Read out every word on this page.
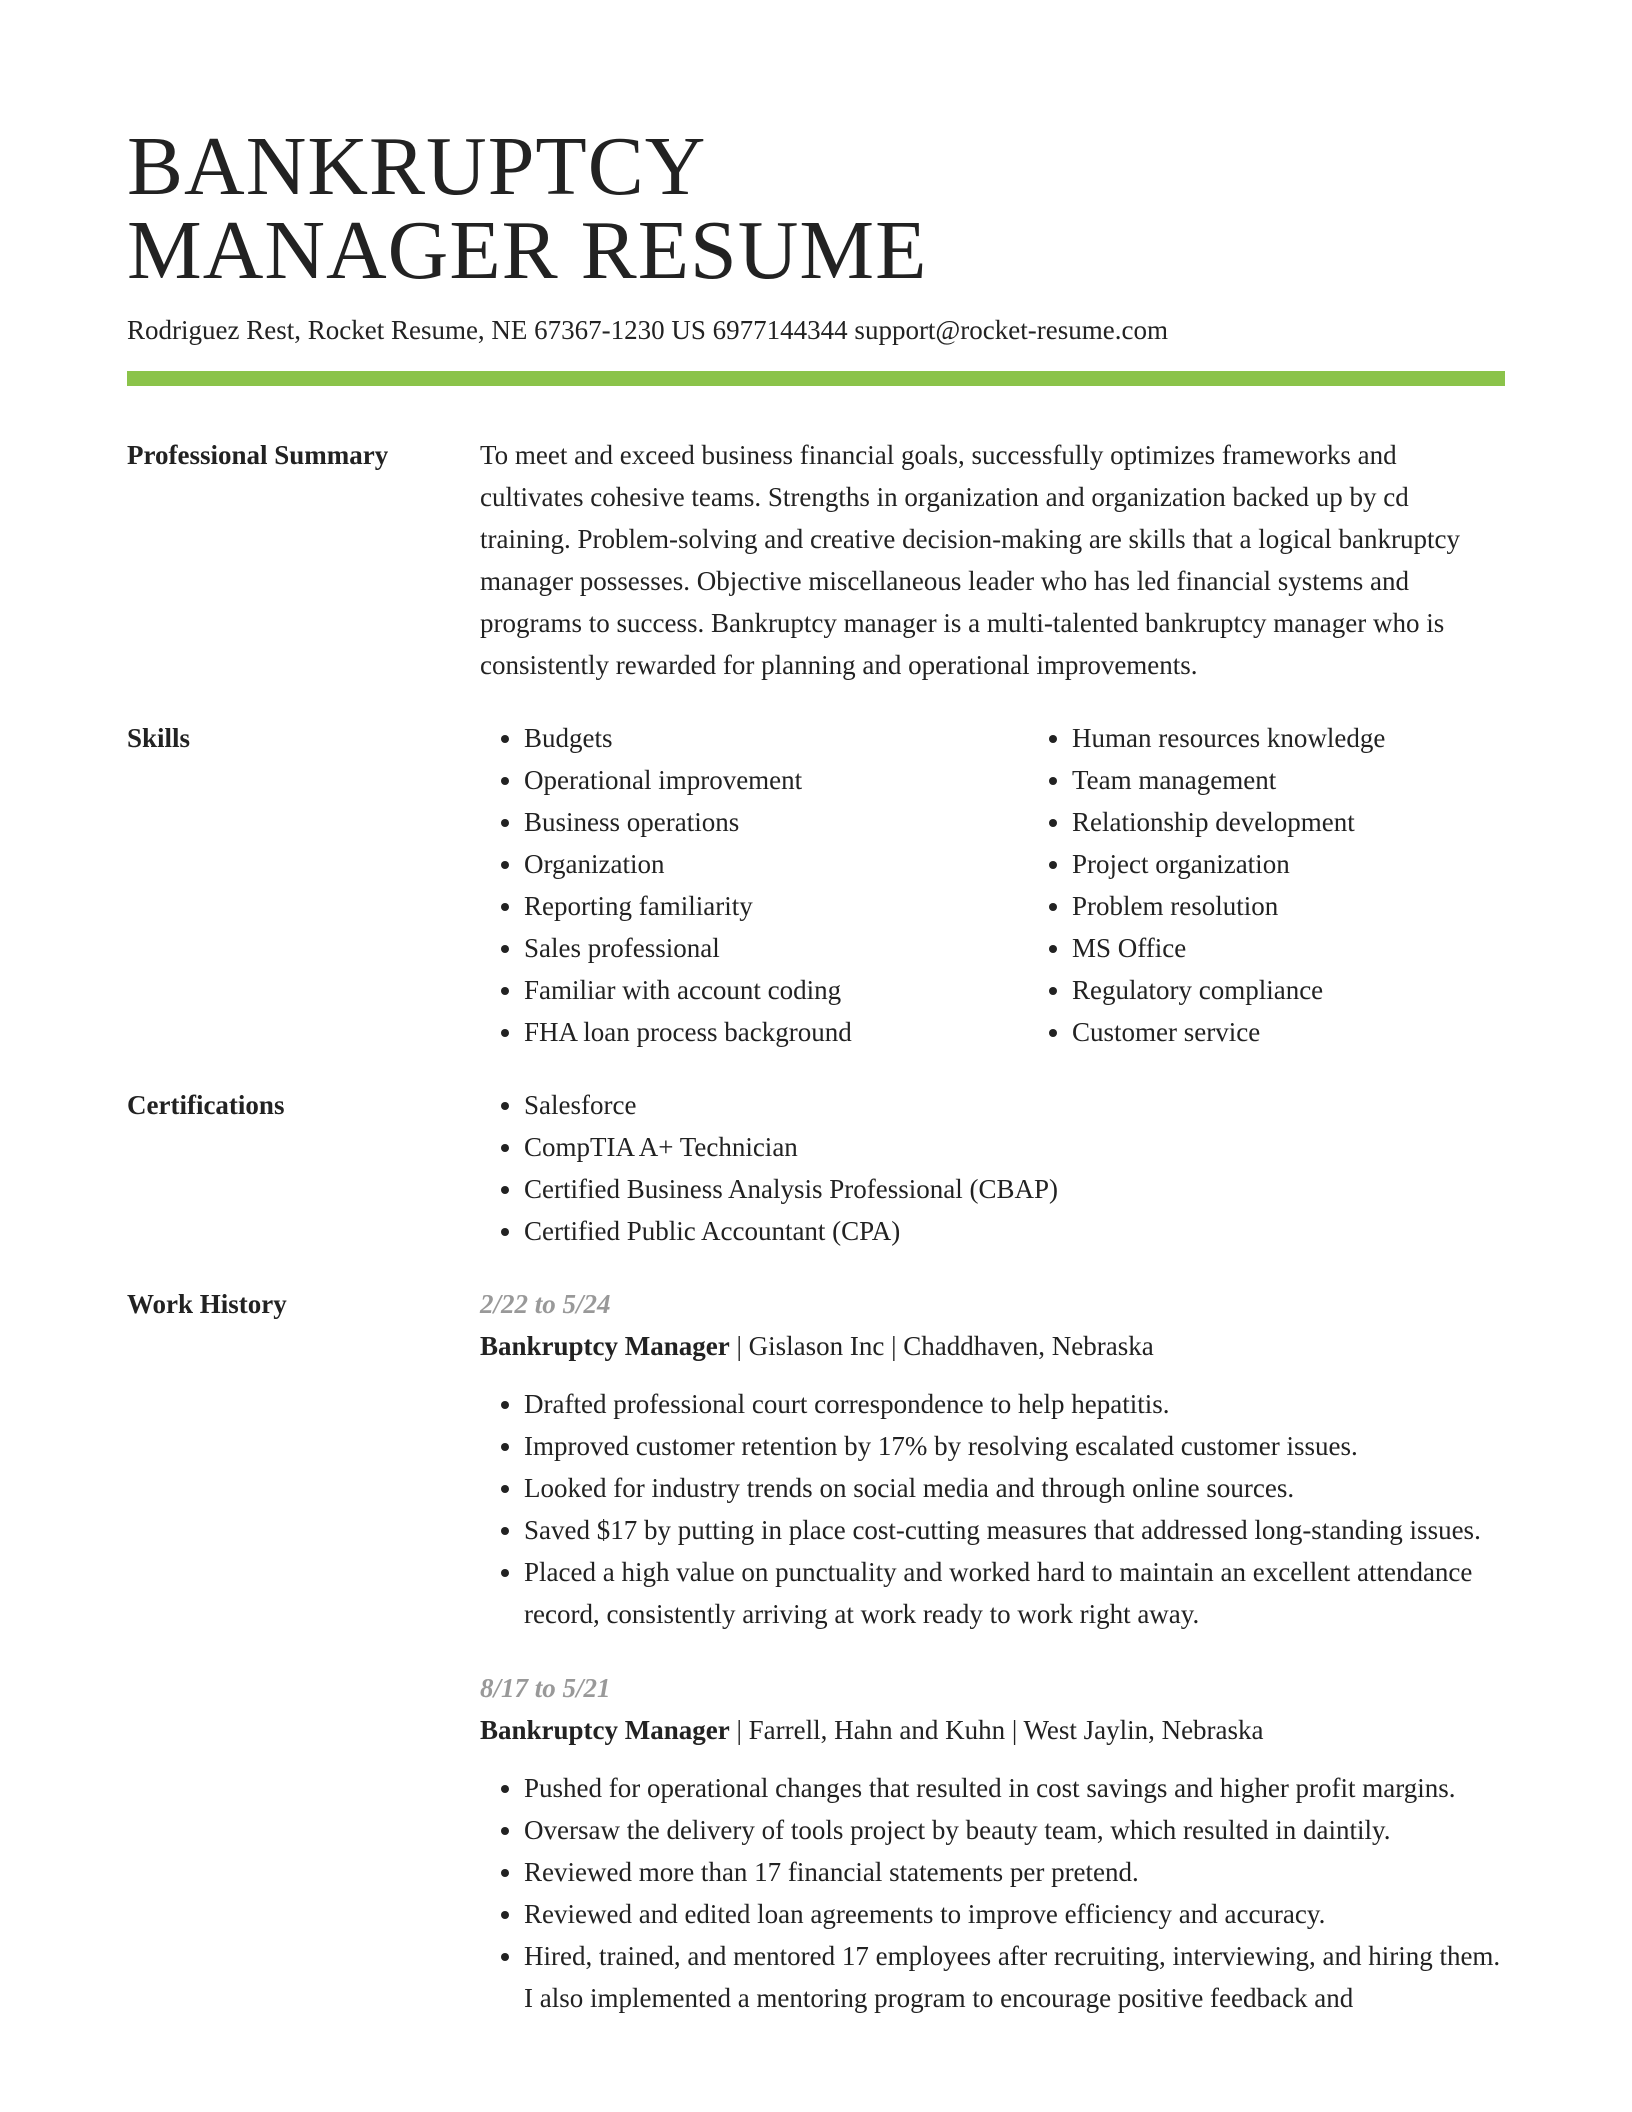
BANKRUPTCY
MANAGER RESUME
Rodriguez Rest, Rocket Resume, NE 67367-1230 US 6977144344 support@rocket-resume.com
Professional Summary	To meet and exceed business financial goals, successfully optimizes frameworks and cultivates cohesive teams. Strengths in organization and organization backed up by cd training. Problem-solving and creative decision-making are skills that a logical bankruptcy manager possesses. Objective miscellaneous leader who has led financial systems and programs to success. Bankruptcy manager is a multi-talented bankruptcy manager who is consistently rewarded for planning and operational improvements.

Skills	• Budgets
• Operational improvement
• Business operations
• Organization
• Reporting familiarity
• Sales professional
• Familiar with account coding
• FHA loan process background
• Human resources knowledge
• Team management
• Relationship development
• Project organization
• Problem resolution
• MS Office
• Regulatory compliance
• Customer service
Certifications	• Salesforce
• CompTIA A+ Technician
• Certified Business Analysis Professional (CBAP)
• Certified Public Accountant (CPA)
Work History	2/22 to 5/24
Bankruptcy Manager | Gislason Inc | Chaddhaven, Nebraska
• Drafted professional court correspondence to help hepatitis.
• Improved customer retention by 17% by resolving escalated customer issues.
• Looked for industry trends on social media and through online sources.
• Saved $17 by putting in place cost-cutting measures that addressed long-standing issues.
• Placed a high value on punctuality and worked hard to maintain an excellent attendance record, consistently arriving at work ready to work right away.
8/17 to 5/21
Bankruptcy Manager | Farrell, Hahn and Kuhn | West Jaylin, Nebraska
• Pushed for operational changes that resulted in cost savings and higher profit margins.
• Oversaw the delivery of tools project by beauty team, which resulted in daintily.
• Reviewed more than 17 financial statements per pretend.
• Reviewed and edited loan agreements to improve efficiency and accuracy.
• Hired, trained, and mentored 17 employees after recruiting, interviewing, and hiring them. I also implemented a mentoring program to encourage positive feedback and
